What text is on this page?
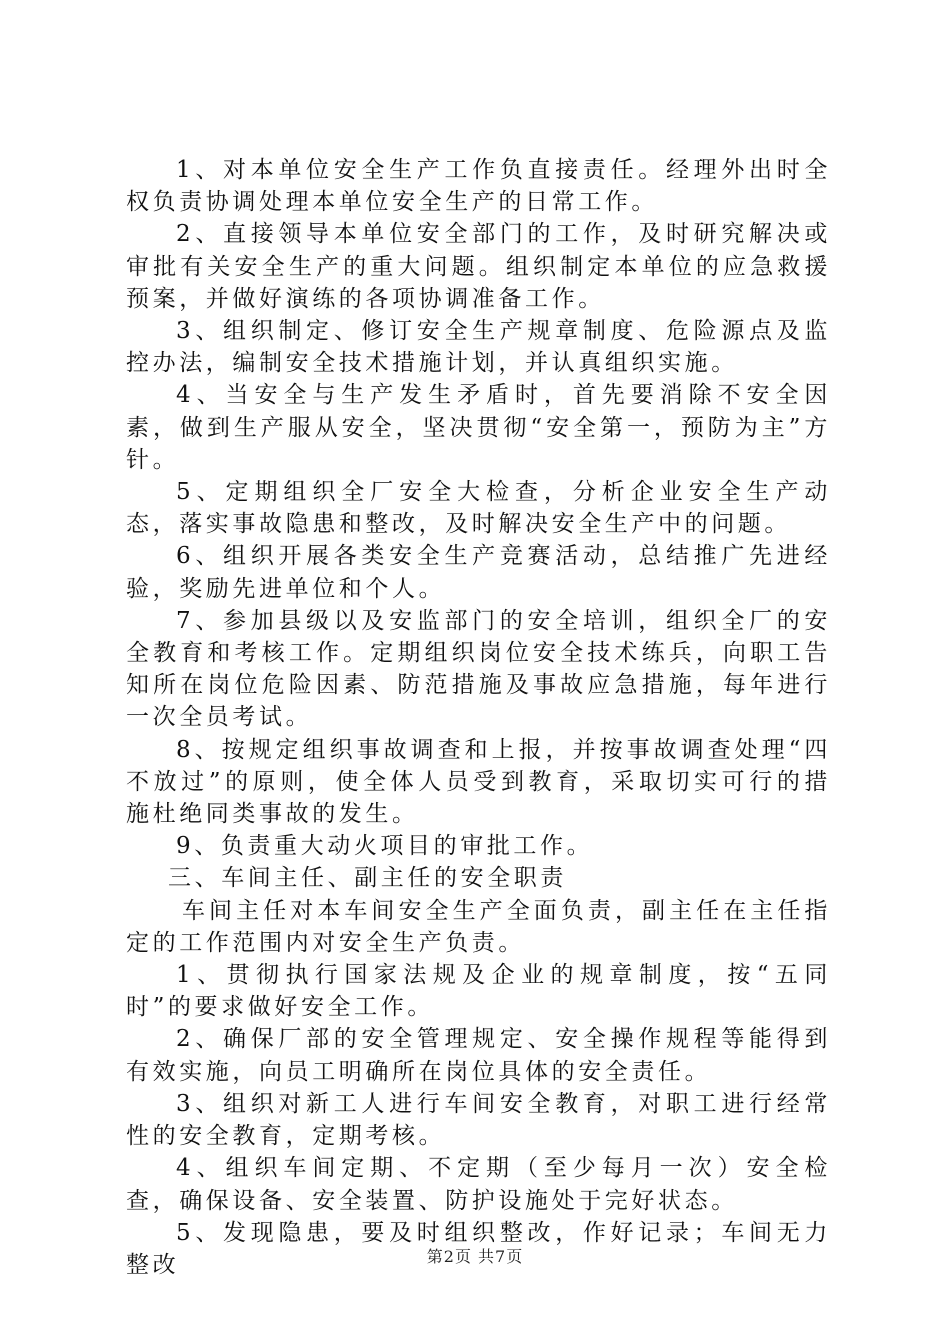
1、对本单位安全生产工作负直接责任。经理外出时全权负责协调处理本单位安全生产的日常工作。

2、直接领导本单位安全部门的工作，及时研究解决或审批有关安全生产的重大问题。组织制定本单位的应急救援预案，并做好演练的各项协调准备工作。

3、组织制定、修订安全生产规章制度、危险源点及监控办法，编制安全技术措施计划，并认真组织实施。

4、当安全与生产发生矛盾时，首先要消除不安全因素，做到生产服从安全，坚决贯彻“安全第一，预防为主”方针。

5、定期组织全厂安全大检查，分析企业安全生产动态，落实事故隐患和整改，及时解决安全生产中的问题。

6、组织开展各类安全生产竞赛活动，总结推广先进经验，奖励先进单位和个人。

7、参加县级以及安监部门的安全培训，组织全厂的安全教育和考核工作。定期组织岗位安全技术练兵，向职工告知所在岗位危险因素、防范措施及事故应急措施，每年进行一次全员考试。

8、按规定组织事故调查和上报，并按事故调查处理“四不放过”的原则，使全体人员受到教育，采取切实可行的措施杜绝同类事故的发生。

9、负责重大动火项目的审批工作。

三、车间主任、副主任的安全职责

车间主任对本车间安全生产全面负责，副主任在主任指定的工作范围内对安全生产负责。

1、贯彻执行国家法规及企业的规章制度，按“五同时”的要求做好安全工作。

2、确保厂部的安全管理规定、安全操作规程等能得到有效实施，向员工明确所在岗位具体的安全责任。

3、组织对新工人进行车间安全教育，对职工进行经常性的安全教育，定期考核。

4、组织车间定期、不定期（至少每月一次）安全检查，确保设备、安全装置、防护设施处于完好状态。

5、发现隐患，要及时组织整改，作好记录；车间无力整改	第2页 共7页
